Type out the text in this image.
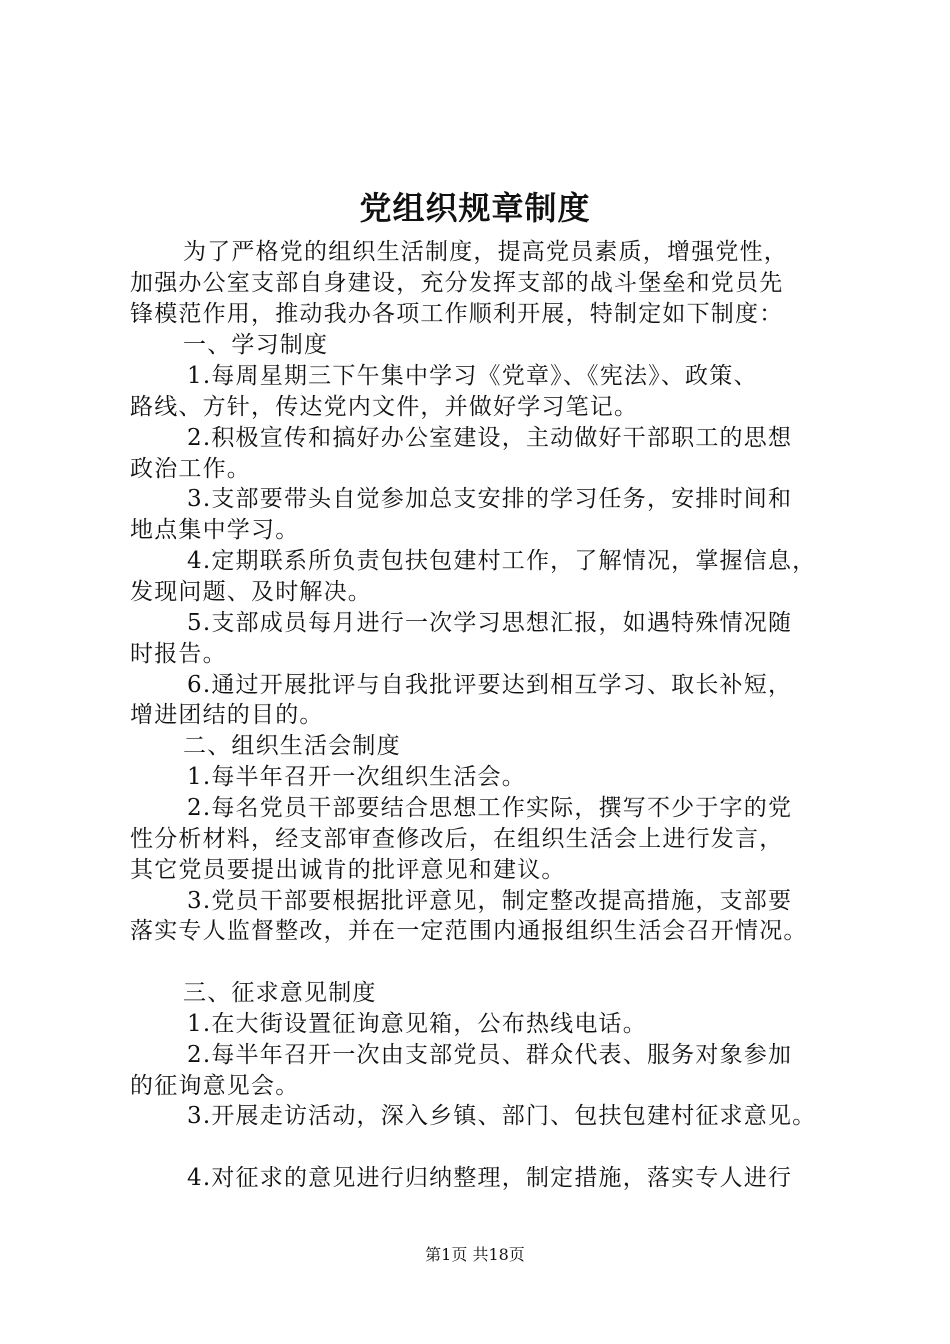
党组织规章制度
为了严格党的组织生活制度，提高党员素质，增强党性，
加强办公室支部自身建设，充分发挥支部的战斗堡垒和党员先
锋模范作用，推动我办各项工作顺利开展，特制定如下制度：
一、学习制度
1.每周星期三下午集中学习《党章》、《宪法》、政策、
路线、方针，传达党内文件，并做好学习笔记。
2.积极宣传和搞好办公室建设，主动做好干部职工的思想
政治工作。
3.支部要带头自觉参加总支安排的学习任务，安排时间和
地点集中学习。
4.定期联系所负责包扶包建村工作，了解情况，掌握信息，
发现问题、及时解决。
5.支部成员每月进行一次学习思想汇报，如遇特殊情况随
时报告。
6.通过开展批评与自我批评要达到相互学习、取长补短，
增进团结的目的。
二、组织生活会制度
1.每半年召开一次组织生活会。
2.每名党员干部要结合思想工作实际，撰写不少于字的党
性分析材料，经支部审查修改后，在组织生活会上进行发言，
其它党员要提出诚肯的批评意见和建议。
3.党员干部要根据批评意见，制定整改提高措施，支部要
落实专人监督整改，并在一定范围内通报组织生活会召开情况。
三、征求意见制度
1.在大街设置征询意见箱，公布热线电话。
2.每半年召开一次由支部党员、群众代表、服务对象参加
的征询意见会。
3.开展走访活动，深入乡镇、部门、包扶包建村征求意见。
4.对征求的意见进行归纳整理，制定措施，落实专人进行
第1页 共18页
